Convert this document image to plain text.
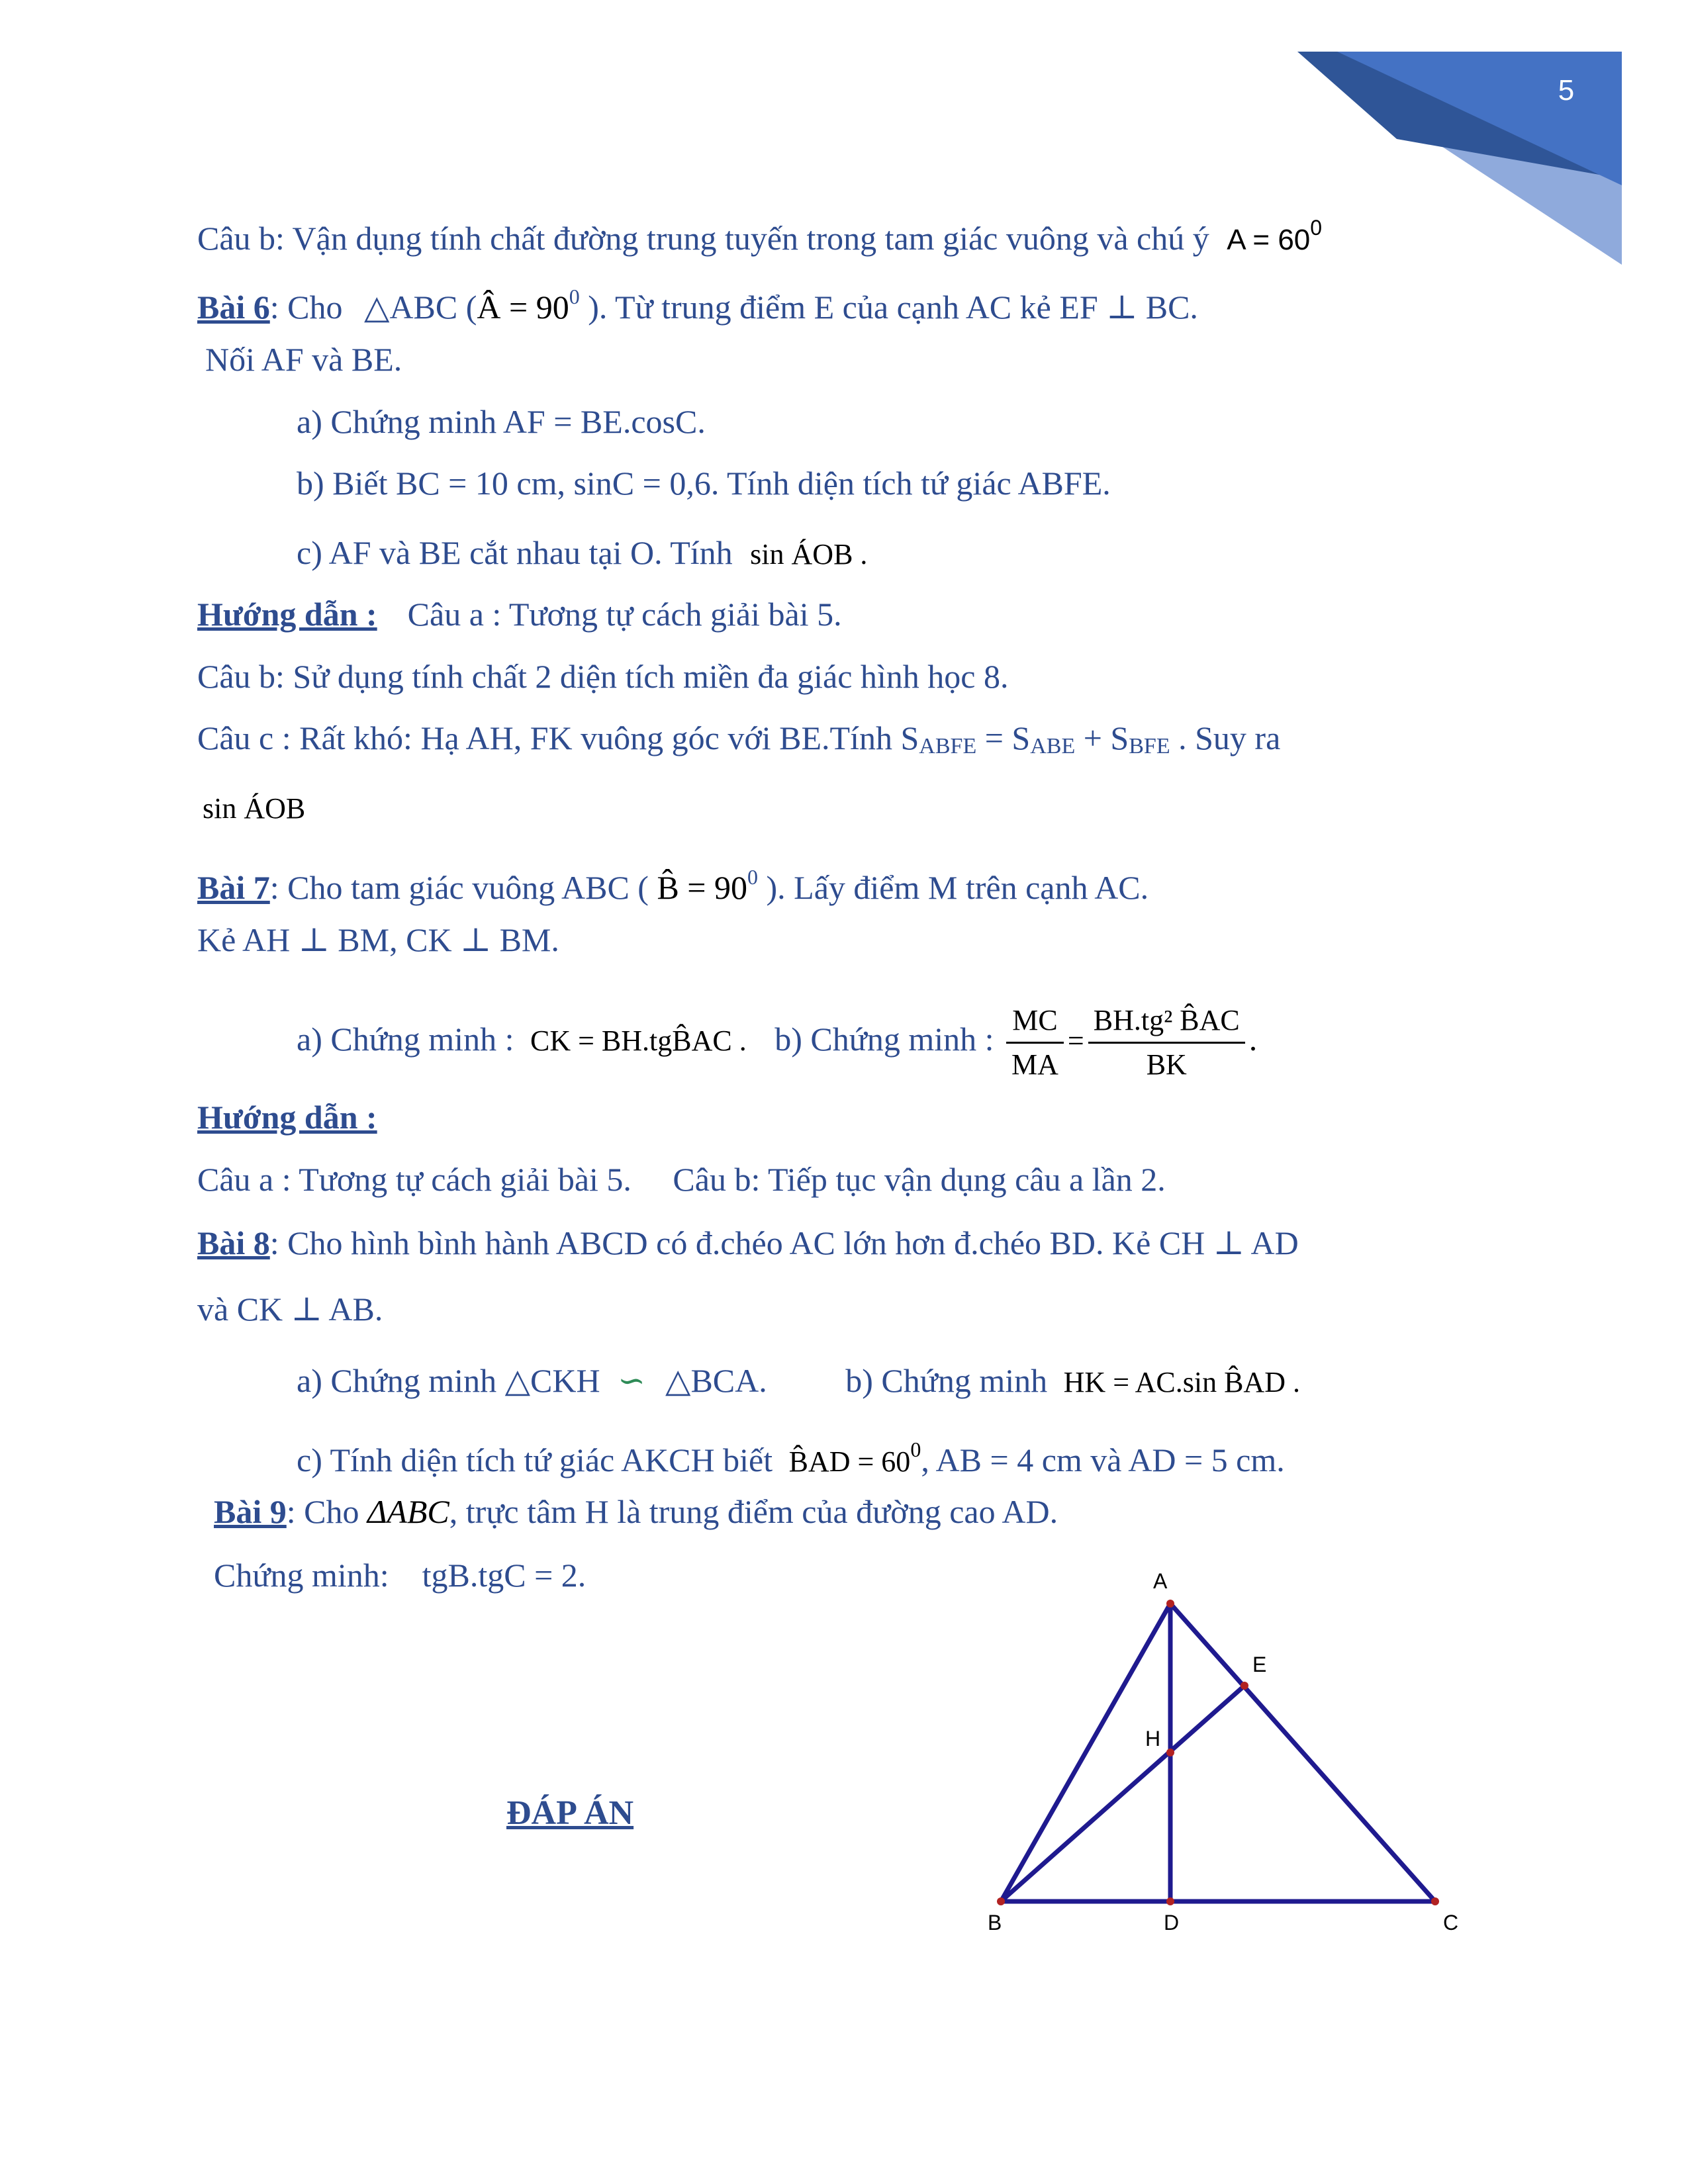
5
Câu b: Vận dụng tính chất đường trung tuyến trong tam giác vuông và chú ý $A = 60^0$
Bài 6: Cho △ABC (Â = $90^0$ ). Từ trung điểm E của cạnh AC kẻ EF ⊥ BC.
Nối AF và BE.
a) Chứng minh AF = BE.cosC.
b) Biết BC = 10 cm, sinC = 0,6. Tính diện tích tứ giác ABFE.
c) AF và BE cắt nhau tại O. Tính sin ÁOB .
Hướng dẫn : Câu a : Tương tự cách giải bài 5.
Câu b: Sử dụng tính chất 2 diện tích miền đa giác hình học 8.
Câu c : Rất khó: Hạ AH, FK vuông góc với BE.Tính SABFE = SABE + SBFE . Suy ra
sin ÁOB
Bài 7: Cho tam giác vuông ABC ( B̂ = $90^0$ ). Lấy điểm M trên cạnh AC.
Kẻ AH ⊥ BM, CK ⊥ BM.
a) Chứng minh : CK = BH.tgB̂AC . b) Chứng minh : $\frac{MC}{MA} = \frac{\text{BH.tg² B̂AC}}{BK}$ .
Hướng dẫn :
Câu a : Tương tự cách giải bài 5.     Câu b: Tiếp tục vận dụng câu a lần 2.
Bài 8: Cho hình bình hành ABCD có đ.chéo AC lớn hơn đ.chéo BD. Kẻ CH ⊥ AD
và CK ⊥ AB.
a) Chứng minh △CKH ∽ △BCA. b) Chứng minh HK = AC.sin B̂AD .
c) Tính diện tích tứ giác AKCH biết B̂AD = $60^0$, AB = 4 cm và AD = 5 cm.
Bài 9: Cho ΔABC, trực tâm H là trung điểm của đường cao AD.
Chứng minh:    tgB.tgC = 2.	A
B	C
D
E
H
ĐÁP ÁN
